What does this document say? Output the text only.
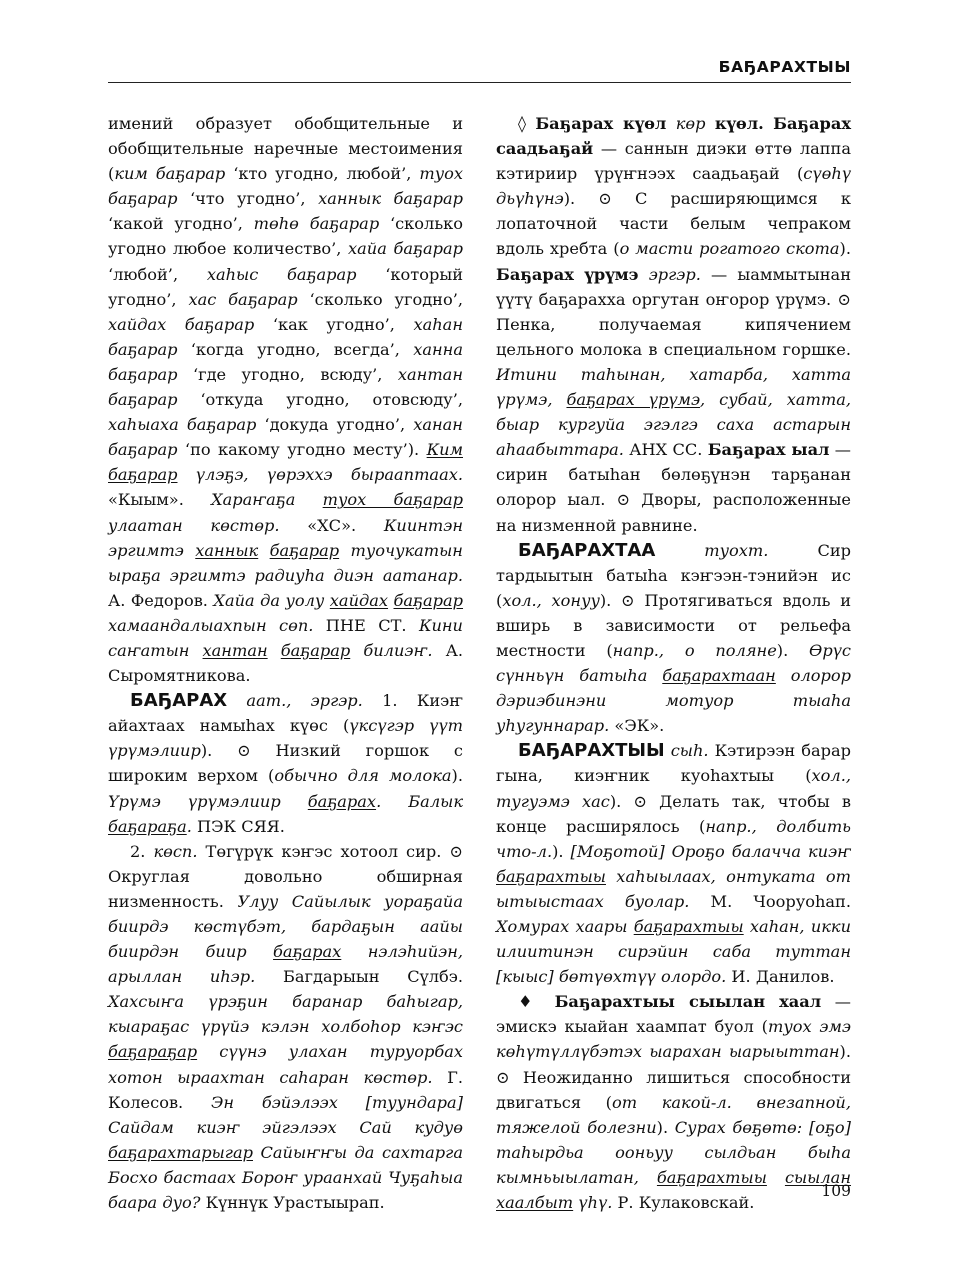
БАҔАРАХТЫЫ

имений образует обобщительные и обобщительные наречные местоимения (ким баҕарар ‘кто угодно, любой’, туох баҕарар ‘что угодно’, ханнык баҕарар ‘какой угодно’, төһө баҕарар ‘сколько угодно любое количество’, хайа баҕарар ‘любой’, хаһыс баҕарар ‘который угодно’, хас баҕарар ‘сколько угодно’, хайдах баҕарар ‘как угодно’, хаһан баҕарар ‘когда угодно, всегда’, ханна баҕарар ‘где угодно, всюду’, хантан баҕарар ‘откуда угодно, отовсюду’, хаһыаха баҕарар ‘докуда угодно’, ханан баҕарар ‘по какому угодно месту’). Ким баҕарар үлэҕэ, үөрэххэ бырааптаах. «Кыым». Хараҥаҕа туох баҕарар улаатан көстөр. «ХС». Киинтэн эргимтэ ханнык баҕарар туочукатын ыраҕа эргимтэ радиуһа диэн аатанар. А. Федоров. Хайа да уолу хайдах баҕарар хамаандалыахпын сөп. ПНЕ СТ. Кини саҥатын хантан баҕарар билиэҥ. А. Сыромятникова.

БАҔАРАХ аат., эргэр. 1. Киэҥ айахтаах намыһах күөс (үксүгэр үүт үрүмэлиир). ⊙ Низкий горшок с широким верхом (обычно для молока). Үрүмэ үрүмэлиир баҕарах. Балык баҕараҕа. ПЭК СЯЯ.

2. көсп. Төгүрүк кэҥэс хотоол сир. ⊙ Округлая довольно обширная низменность. Улуу Сайылык уораҕайа биирдэ көстүбэт, бардаҕын аайы биирдэн биир баҕарах нэлэһийэн, арыллан иһэр. Багдарыын Сүлбэ. Хахсыҥа үрэҕин баранар баһыгар, кыараҕас үрүйэ кэлэн холбоһор кэҥэс баҕараҕар сүүнэ улахан туруорбах хотон ыраахтан саһаран көстөр. Г. Колесов. Эн бэйэлээх [туундара] Сайдам киэҥ эйгэлээх Сай кудуө баҕарахтарыгар Сайыҥҥы да сахтарга Босхо бастаах Бороҥ ураанхай Чуҕаһыа баара дуо? Күннүк Урастыырап.

◊ Баҕарах күөл көр күөл. Баҕарах саадьаҕай — саннын диэки өттө лаппа кэтириир үрүҥнээх саадьаҕай (сүөһү дьүһүнэ). ⊙ С расширяющимся к лопаточной части белым чепраком вдоль хребта (о масти рогатого скота). Баҕарах үрүмэ эргэр. — ыаммытынан үүтү баҕарахха оргутан оҥорор үрүмэ. ⊙ Пенка, получаемая кипячением цельного молока в специальном горшке. Итини таһынан, хатарба, хатта үрүмэ, баҕарах үрүмэ, субай, хатта, быар кургуйа эгэлгэ саха астарын аһаабыттара. АНХ СС. Баҕарах ыал — сирин батыһан бөлөҕүнэн тарҕанан олорор ыал. ⊙ Дворы, расположенные на низменной равнине.

БАҔАРАХТАА	туохт.	Сир тардыытын батыһа кэҥээн-тэнийэн ис (хол., хонуу). ⊙ Протягиваться вдоль и вширь в зависимости от рельефа местности (напр., о поляне). Өрүс сүнньүн батыһа баҕарахтаан олорор дэриэбинэни мотуор тыаһа уһугуннарар. «ЭК».

БАҔАРАХТЫЫ сыһ. Кэтирээн барар гына, киэҥник куоһахтыы (хол., тугуэмэ хас). ⊙ Делать так, чтобы в конце расширялось (напр., долбить что-л.). [Моҕотой] Ороҕо балачча киэҥ баҕарахтыы хаһыылаах, онтуката от ытыыстаах буолар. М. Чооруоһап. Хомурах хаары баҕарахтыы хаһан, икки илиитинэн сирэйин саба туттан [кыыс] бөтүөхтүү олордо. И. Данилов.

♦ Баҕарахтыы сыылан хаал — эмискэ кыайан хаампат буол (туох эмэ көһүтүллүбэтэх ыарахан ыарыыттан). ⊙ Неожиданно лишиться способности двигаться (от какой-л. внезапной, тяжелой болезни). Сурах бөҕөтө: [оҕо] таһырдьа ооньуу сылдьан быһа кымньыылатан, баҕарахтыы сыылан хаалбыт үһү. Р. Кулаковскай.

109
